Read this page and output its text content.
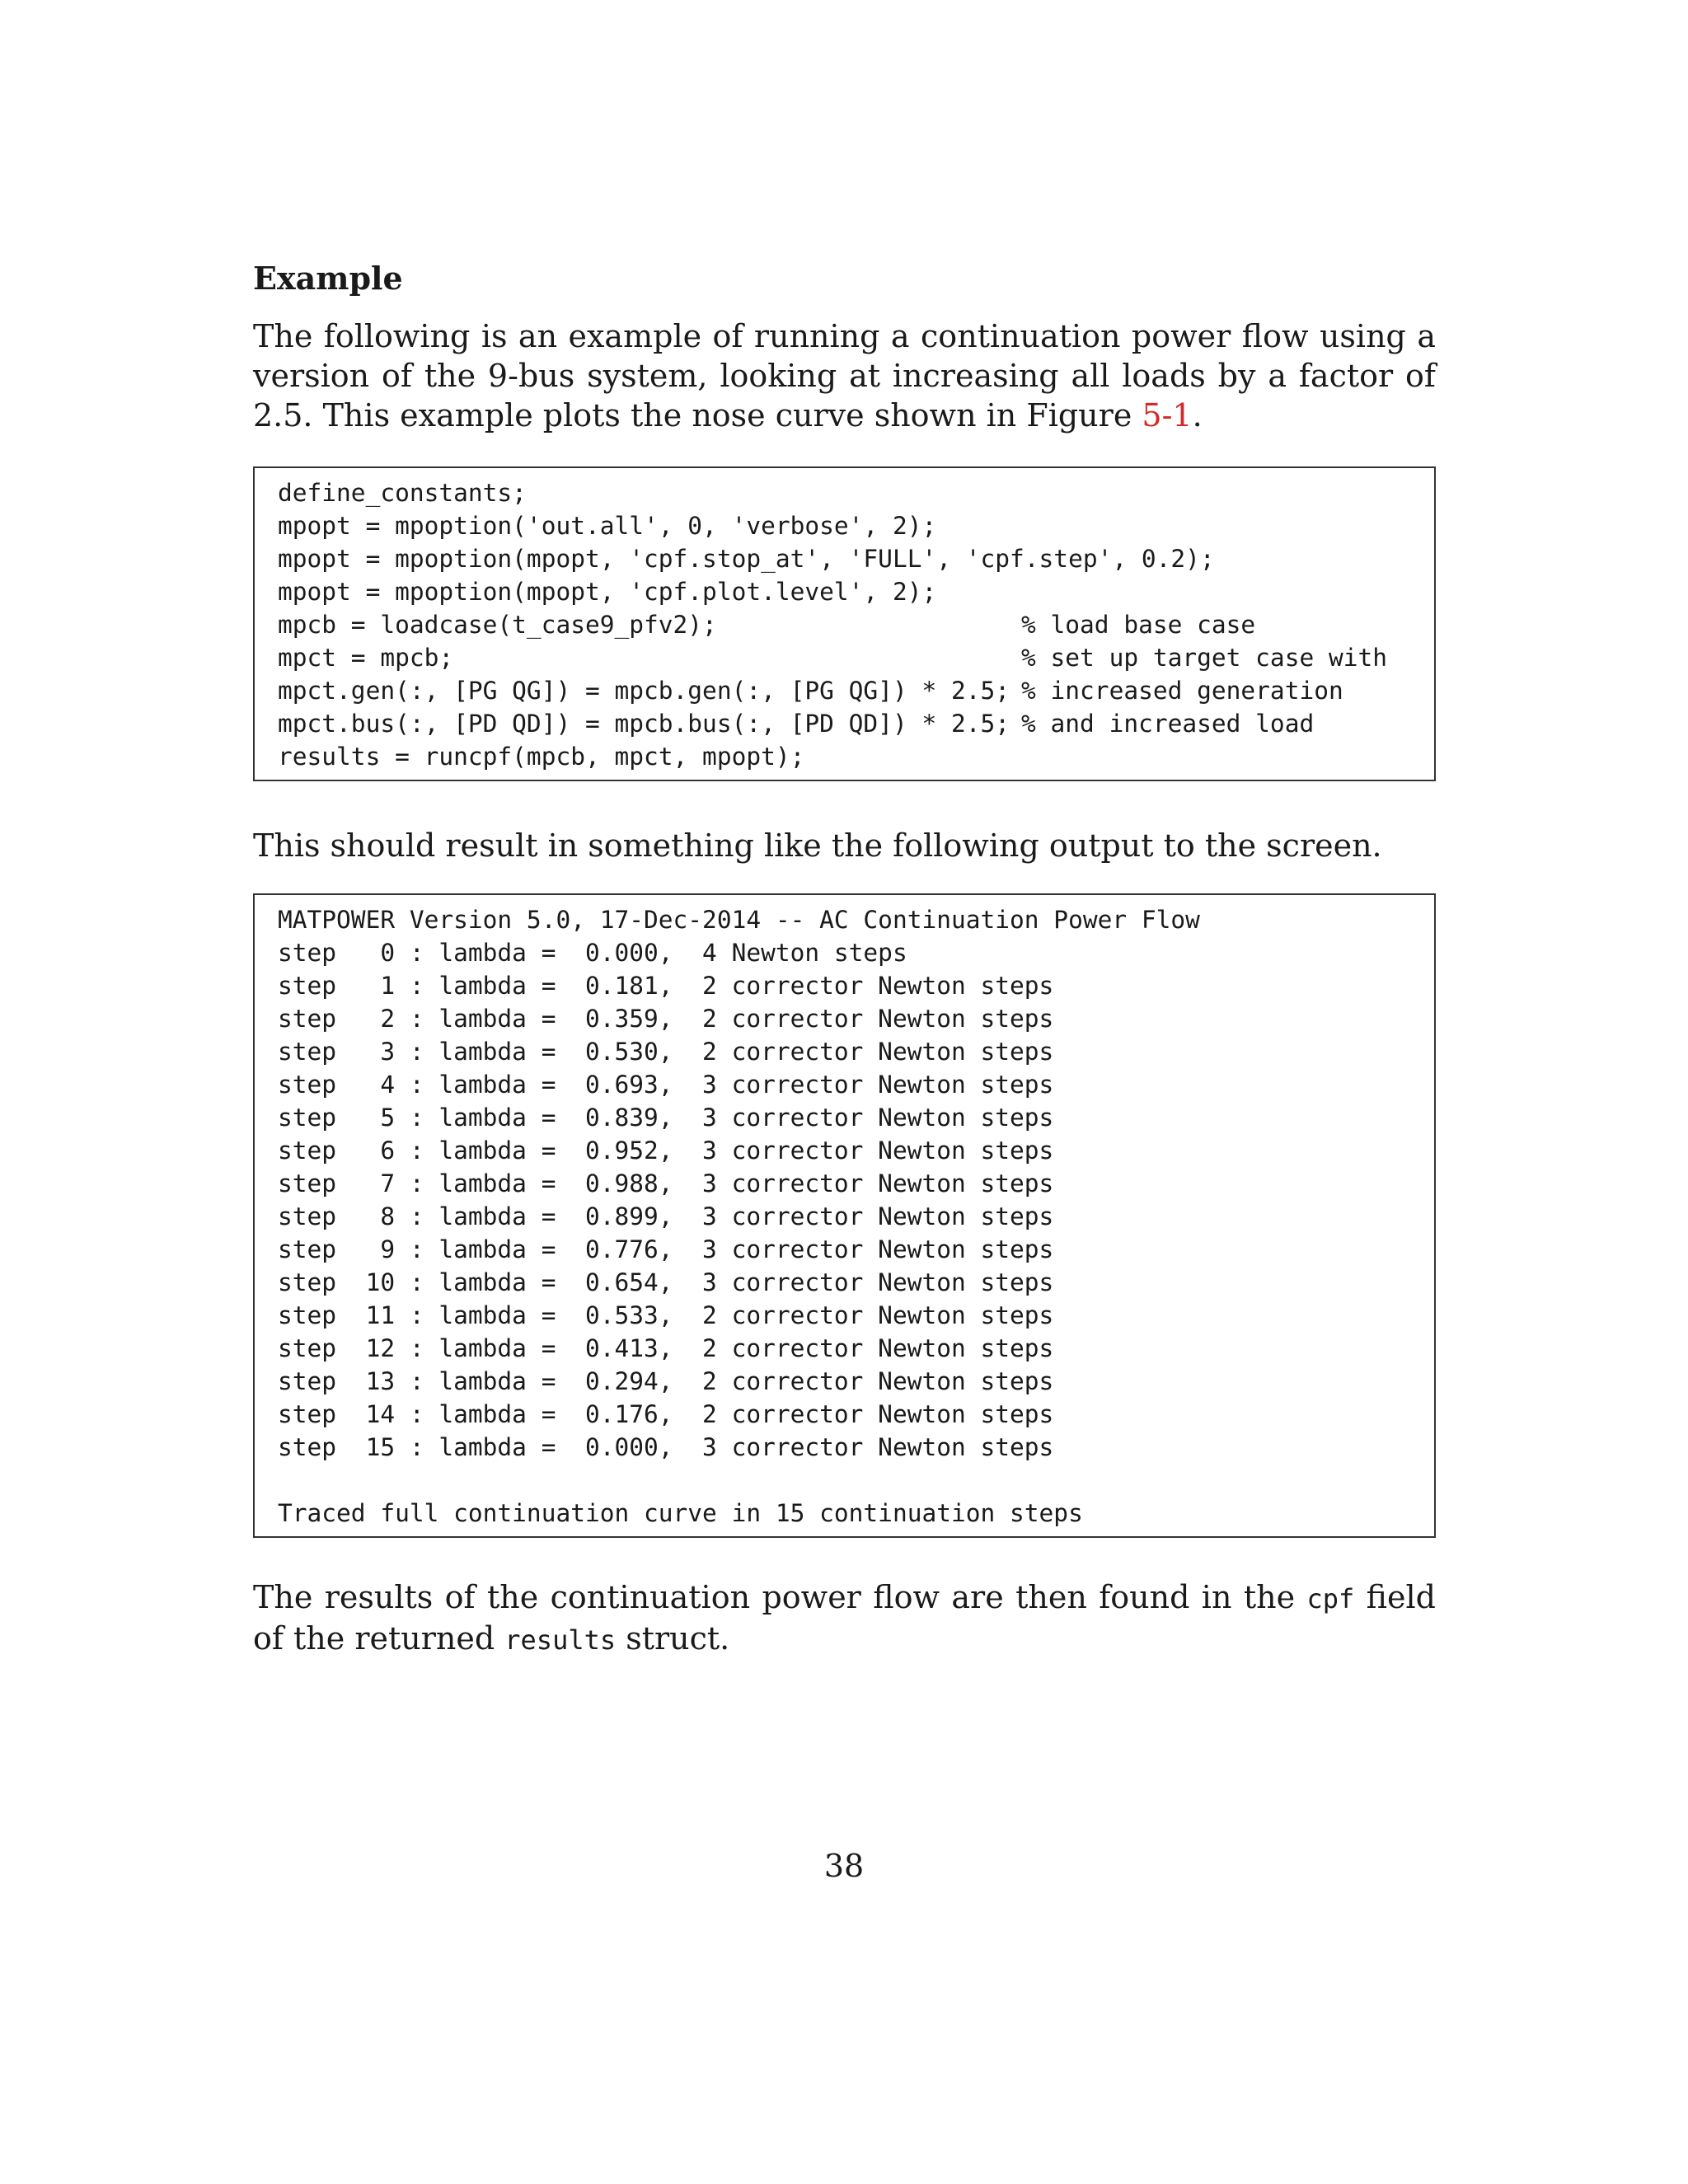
Example

The following is an example of running a continuation power flow using a version of the 9-bus system, looking at increasing all loads by a factor of 2.5. This example plots the nose curve shown in Figure 5-1.

define_constants;
mpopt = mpoption('out.all', 0, 'verbose', 2);
mpopt = mpoption(mpopt, 'cpf.stop_at', 'FULL', 'cpf.step', 0.2);
mpopt = mpoption(mpopt, 'cpf.plot.level', 2);
mpcb = loadcase(t_case9_pfv2);	% load base case
mpct = mpcb;	% set up target case with
mpct.gen(:, [PG QG]) = mpcb.gen(:, [PG QG]) * 2.5; % increased generation
mpct.bus(:, [PD QD]) = mpcb.bus(:, [PD QD]) * 2.5; % and increased load
results = runcpf(mpcb, mpct, mpopt);

This should result in something like the following output to the screen.

MATPOWER Version 5.0, 17-Dec-2014 -- AC Continuation Power Flow
step   0 : lambda =  0.000,  4 Newton steps
step   1 : lambda =  0.181,  2 corrector Newton steps
step   2 : lambda =  0.359,  2 corrector Newton steps
step   3 : lambda =  0.530,  2 corrector Newton steps
step   4 : lambda =  0.693,  3 corrector Newton steps
step   5 : lambda =  0.839,  3 corrector Newton steps
step   6 : lambda =  0.952,  3 corrector Newton steps
step   7 : lambda =  0.988,  3 corrector Newton steps
step   8 : lambda =  0.899,  3 corrector Newton steps
step   9 : lambda =  0.776,  3 corrector Newton steps
step  10 : lambda =  0.654,  3 corrector Newton steps
step  11 : lambda =  0.533,  2 corrector Newton steps
step  12 : lambda =  0.413,  2 corrector Newton steps
step  13 : lambda =  0.294,  2 corrector Newton steps
step  14 : lambda =  0.176,  2 corrector Newton steps
step  15 : lambda =  0.000,  3 corrector Newton steps
Traced full continuation curve in 15 continuation steps

The results of the continuation power flow are then found in the cpf field of the returned results struct.

38
